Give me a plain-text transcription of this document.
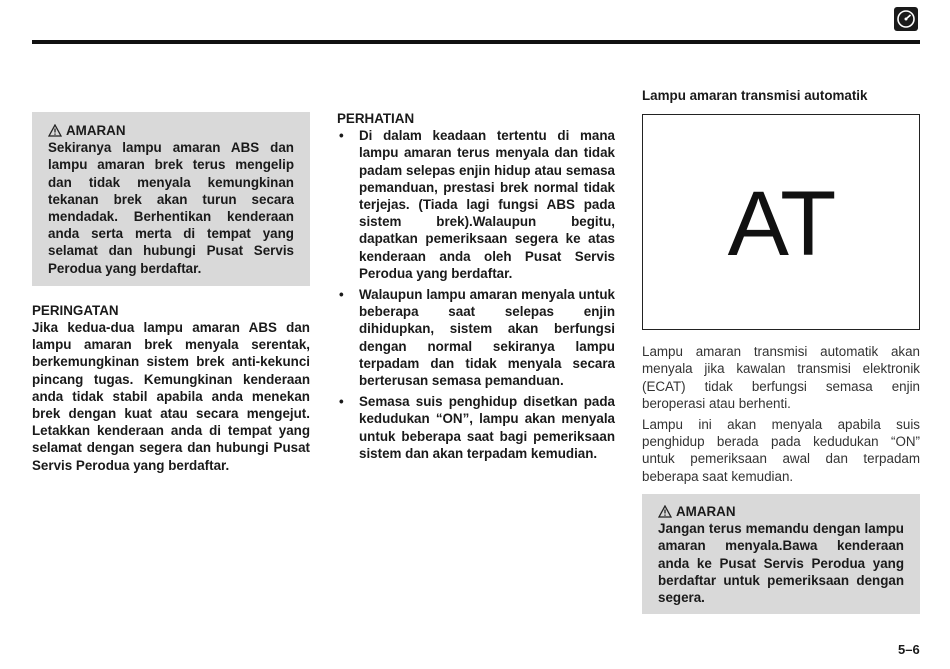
AMARAN
Sekiranya lampu amaran ABS dan lampu amaran brek terus mengelip dan tidak menyala kemungkinan tekanan brek akan turun secara mendadak. Berhentikan kenderaan anda serta merta di tempat yang selamat dan hubungi Pusat Servis Perodua yang berdaftar.
PERINGATAN
Jika kedua-dua lampu amaran ABS dan lampu amaran brek menyala serentak, berkemungkinan sistem brek anti-kekunci pincang tugas. Kemungkinan kenderaan anda tidak stabil apabila anda menekan brek dengan kuat atau secara mengejut. Letakkan kenderaan anda di tempat yang selamat dengan segera dan hubungi Pusat Servis Perodua yang berdaftar.
PERHATIAN
• Di dalam keadaan tertentu di mana lampu amaran terus menyala dan tidak padam selepas enjin hidup atau semasa pemanduan, prestasi brek normal tidak terjejas. (Tiada lagi fungsi ABS pada sistem brek).Walaupun begitu, dapatkan pemeriksaan segera ke atas kenderaan anda oleh Pusat Servis Perodua yang berdaftar.
• Walaupun lampu amaran menyala untuk beberapa saat selepas enjin dihidupkan, sistem akan berfungsi dengan normal sekiranya lampu terpadam dan tidak menyala secara berterusan semasa pemanduan.
• Semasa suis penghidup disetkan pada kedudukan “ON”, lampu akan menyala untuk beberapa saat bagi pemeriksaan sistem dan akan terpadam kemudian.
Lampu amaran transmisi automatik
AT
Lampu amaran transmisi automatik akan menyala jika kawalan transmisi elektronik (ECAT) tidak berfungsi semasa enjin beroperasi atau berhenti.
Lampu ini akan menyala apabila suis penghidup berada pada kedudukan “ON” untuk pemeriksaan awal dan terpadam beberapa saat kemudian.
AMARAN
Jangan terus memandu dengan lampu amaran menyala.Bawa kenderaan anda ke Pusat Servis Perodua yang berdaftar untuk pemeriksaan dengan segera.
5–6
